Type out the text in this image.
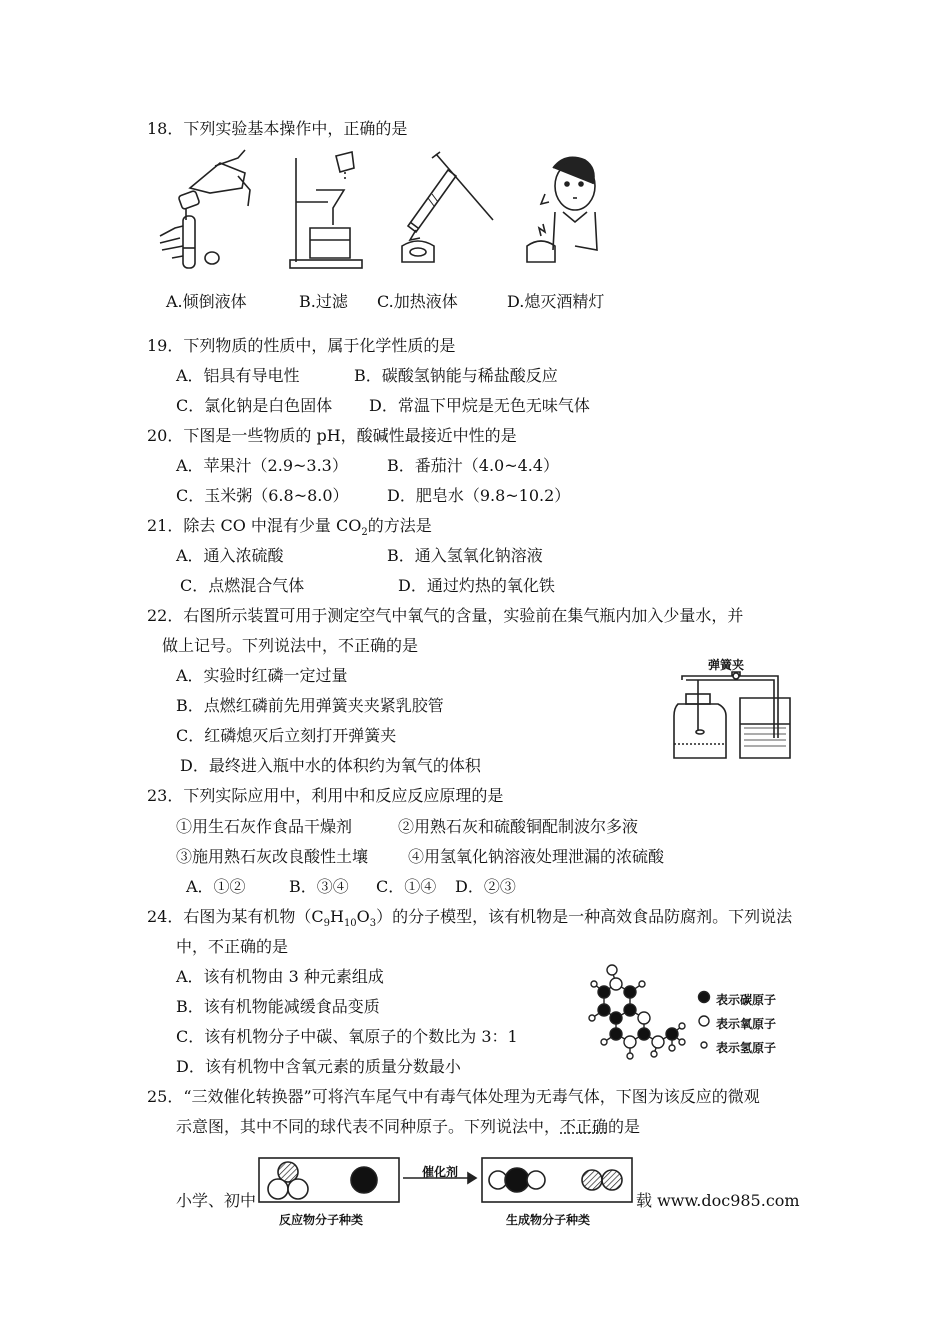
18．下列实验基本操作中，正确的是
A.倾倒液体	B.过滤 C.加热液体	D.熄灭酒精灯
19．下列物质的性质中，属于化学性质的是
A．铝具有导电性	B．碳酸氢钠能与稀盐酸反应
C．氯化钠是白色固体 D．常温下甲烷是无色无味气体
20．下图是一些物质的 pH，酸碱性最接近中性的是
A．苹果汁（2.9~3.3） B．番茄汁（4.0~4.4）
C．玉米粥（6.8~8.0） D．肥皂水（9.8~10.2）
21．除去 CO 中混有少量 $CO_2$的方法是
A．通入浓硫酸	B．通入氢氧化钠溶液
C．点燃混合气体	D．通过灼热的氧化铁
22．右图所示装置可用于测定空气中氧气的含量，实验前在集气瓶内加入少量水，并
做上记号。下列说法中，不正确的是
A．实验时红磷一定过量
B．点燃红磷前先用弹簧夹夹紧乳胶管
C．红磷熄灭后立刻打开弹簧夹
D．最终进入瓶中水的体积约为氧气的体积
弹簧夹
23．下列实际应用中，利用中和反应反应原理的是
①用生石灰作食品干燥剂	②用熟石灰和硫酸铜配制波尔多液
③施用熟石灰改良酸性土壤 ④用氢氧化钠溶液处理泄漏的浓硫酸
A．①②	B．③④ C．①④ D．②③
24．右图为某有机物$(C_9H_{10}O_3)$的分子模型，该有机物是一种高效食品防腐剂。下列说法
中，不正确的是
A．该有机物由 3 种元素组成
B．该有机物能减缓食品变质
C．该有机物分子中碳、氧原子的个数比为 3：1
D．该有机物中含氧元素的质量分数最小
表示碳原子
表示氧原子
表示氢原子
25．“三效催化转换器”可将汽车尾气中有毒气体处理为无毒气体，下图为该反应的微观
示意图，其中不同的球代表不同种原子。下列说法中，不正确的是
催化剂
反应物分子种类	生成物分子种类
小学、初中	载 www.doc985.com
